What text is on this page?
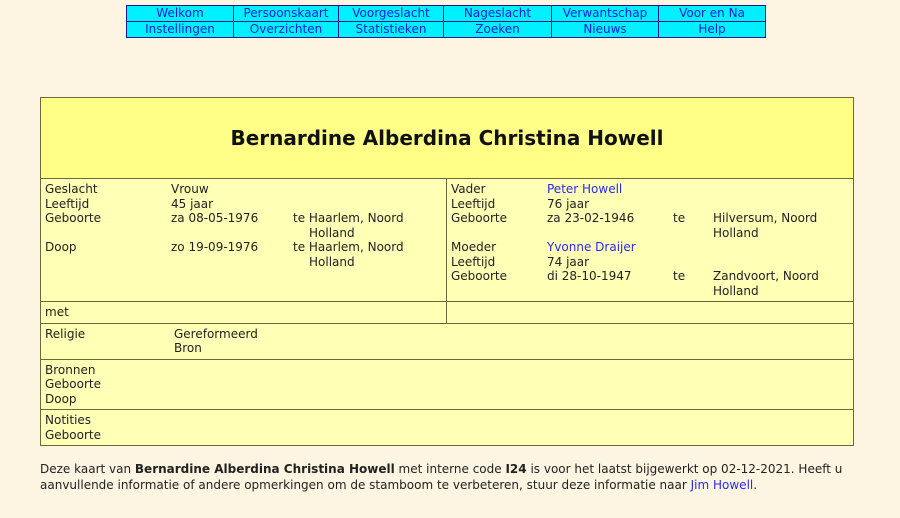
Welkom	Persoonskaart	Voorgeslacht	Nageslacht	Verwantschap	Voor en Na
Instellingen	Overzichten	Statistieken	Zoeken	Nieuws	Help
Bernardine Alberdina Christina Howell
Geslacht	Vrouw
Leeftijd	45 jaar
Geboorte	za 08-05-1976	te Haarlem, Noord Holland
Doop	zo 19-09-1976	te Haarlem, Noord Holland
Vader	Peter Howell
Leeftijd	76 jaar
Geboorte	za 23-02-1946	te	Hilversum, Noord Holland
Moeder	Yvonne Draijer
Leeftijd	74 jaar
Geboorte	di 28-10-1947	te	Zandvoort, Noord Holland
met
Religie	Gereformeerd
Bron
Bronnen
Geboorte
Doop
Notities
Geboorte
Deze kaart van Bernardine Alberdina Christina Howell met interne code I24 is voor het laatst bijgewerkt op 02-12-2021. Heeft u aanvullende informatie of andere opmerkingen om de stamboom te verbeteren, stuur deze informatie naar Jim Howell.
